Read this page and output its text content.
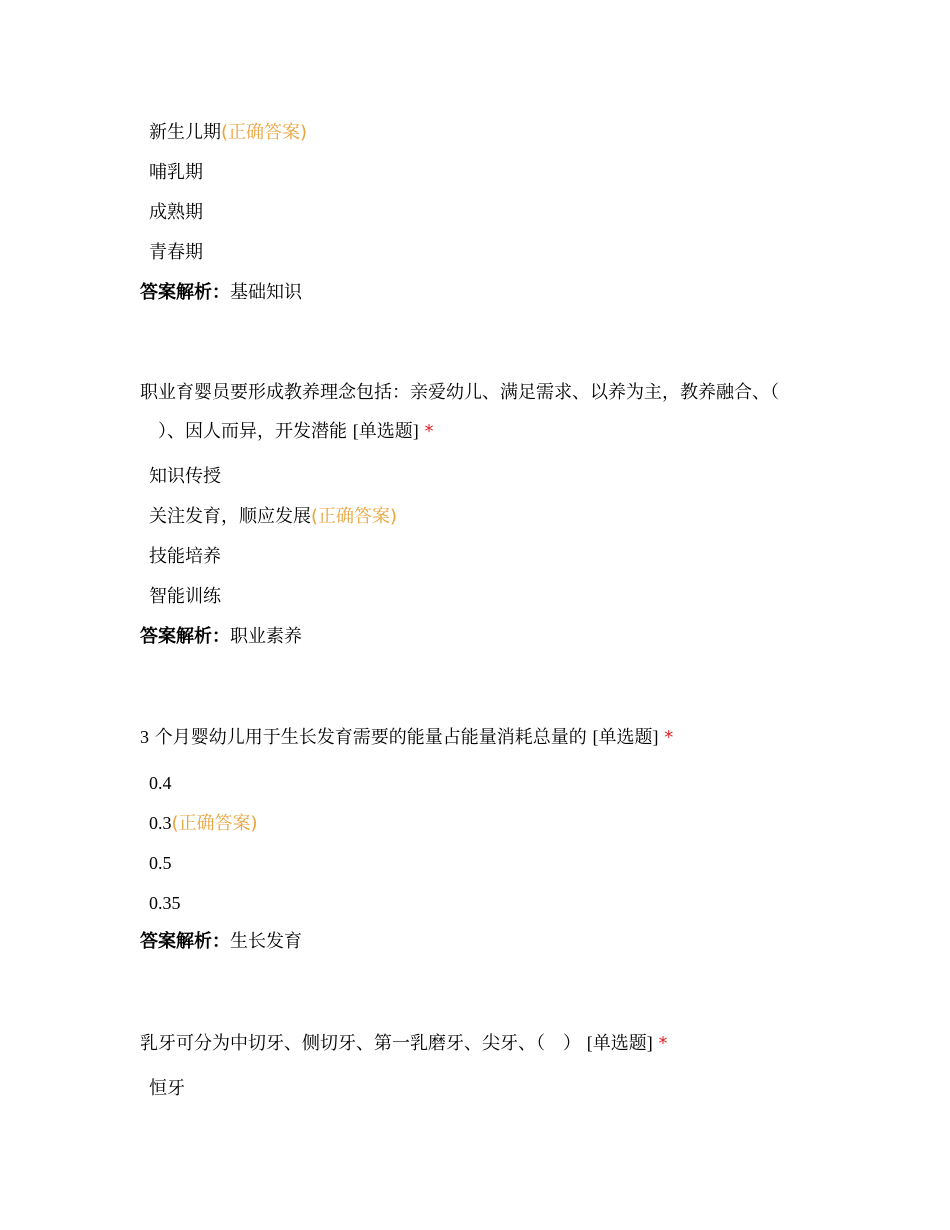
新生儿期(正确答案)
哺乳期
成熟期
青春期
答案解析：基础知识
职业育婴员要形成教养理念包括：亲爱幼儿、满足需求、以养为主，教养融合、（
）、因人而异，开发潜能 [单选题] *
知识传授
关注发育，顺应发展(正确答案)
技能培养
智能训练
答案解析：职业素养
3 个月婴幼儿用于生长发育需要的能量占能量消耗总量的 [单选题] *
0.4
0.3(正确答案)
0.5
0.35
答案解析：生长发育
乳牙可分为中切牙、侧切牙、第一乳磨牙、尖牙、（　） [单选题] *
恒牙
